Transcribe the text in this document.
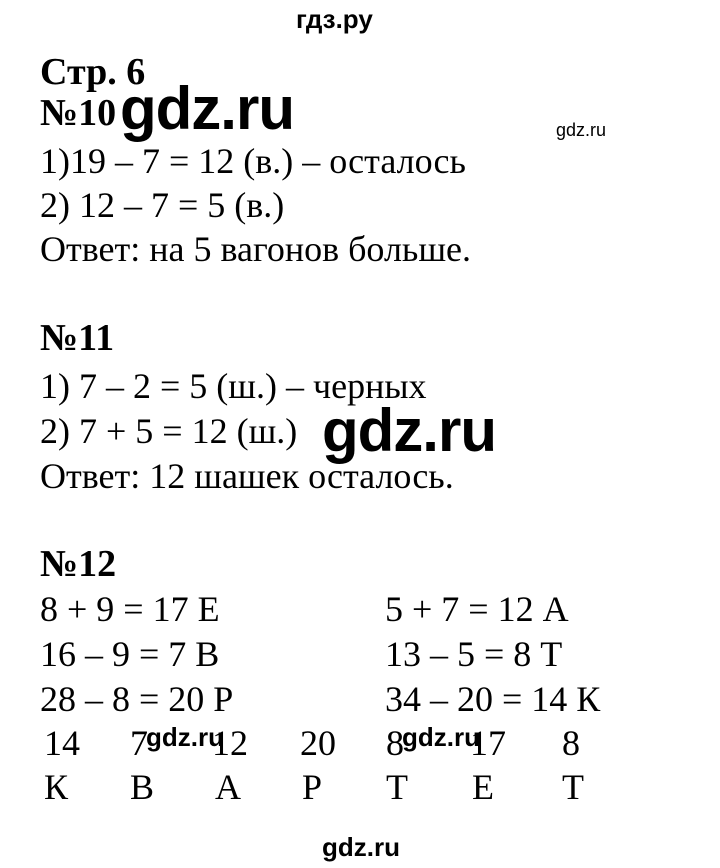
гдз.ру
Стр. 6
№10 gdz.ru	gdz.ru
1)19 – 7 = 12 (в.) – осталось
2) 12 – 7 = 5 (в.)
Ответ: на 5 вагонов больше.
№11
1) 7 – 2 = 5 (ш.) – черных
2) 7 + 5 = 12 (ш.) gdz.ru
Ответ: 12 шашек осталось.
№12
8 + 9 = 17 Е	5 + 7 = 12 А
16 – 9 = 7 В	13 – 5 = 8 Т
28 – 8 = 20 Р	34 – 20 = 14 К
14 7 12 20 8 17 8
gdz.ru	gdz.ru
К В А Р Т Е Т
gdz.ru
